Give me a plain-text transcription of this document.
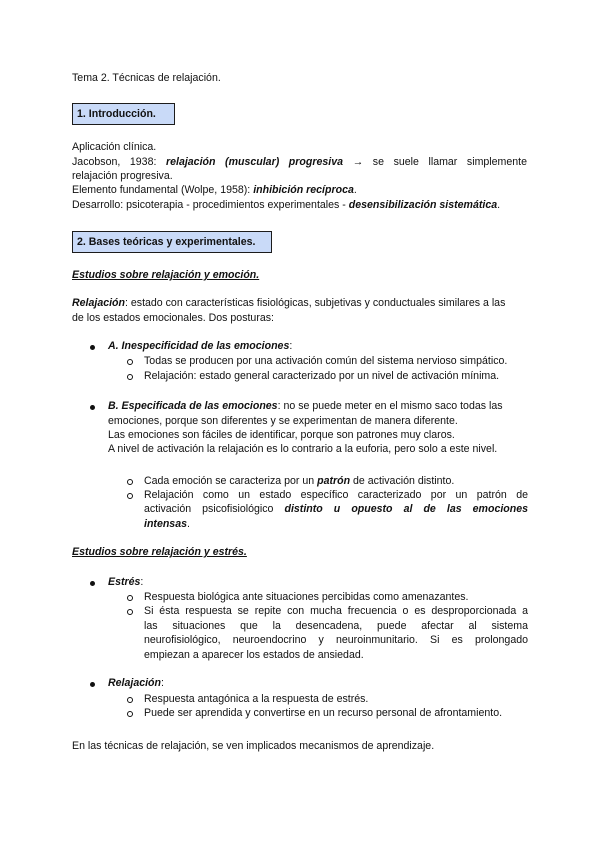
Tema 2. Técnicas de relajación.
1. Introducción.
Aplicación clínica.
Jacobson, 1938: relajación (muscular) progresiva → se suele llamar simplemente
relajación progresiva.
Elemento fundamental (Wolpe, 1958): inhibición recíproca.
Desarrollo: psicoterapia - procedimientos experimentales - desensibilización sistemática.
2. Bases teóricas y experimentales.
Estudios sobre relajación y emoción.
Relajación: estado con características fisiológicas, subjetivas y conductuales similares a las
de los estados emocionales. Dos posturas:
A. Inespecificidad de las emociones:
Todas se producen por una activación común del sistema nervioso simpático.
Relajación: estado general caracterizado por un nivel de activación mínima.
B. Especificada de las emociones: no se puede meter en el mismo saco todas las
emociones, porque son diferentes y se experimentan de manera diferente.
Las emociones son fáciles de identificar, porque son patrones muy claros.
A nivel de activación la relajación es lo contrario a la euforia, pero solo a este nivel.
Cada emoción se caracteriza por un patrón de activación distinto.
Relajación como un estado específico caracterizado por un patrón de
activación psicofisiológico distinto u opuesto al de las emociones
intensas.
Estudios sobre relajación y estrés.
Estrés:
Respuesta biológica ante situaciones percibidas como amenazantes.
Si ésta respuesta se repite con mucha frecuencia o es desproporcionada a
las situaciones que la desencadena, puede afectar al sistema
neurofisiológico, neuroendocrino y neuroinmunitario. Si es prolongado
empiezan a aparecer los estados de ansiedad.
Relajación:
Respuesta antagónica a la respuesta de estrés.
Puede ser aprendida y convertirse en un recurso personal de afrontamiento.
En las técnicas de relajación, se ven implicados mecanismos de aprendizaje.
